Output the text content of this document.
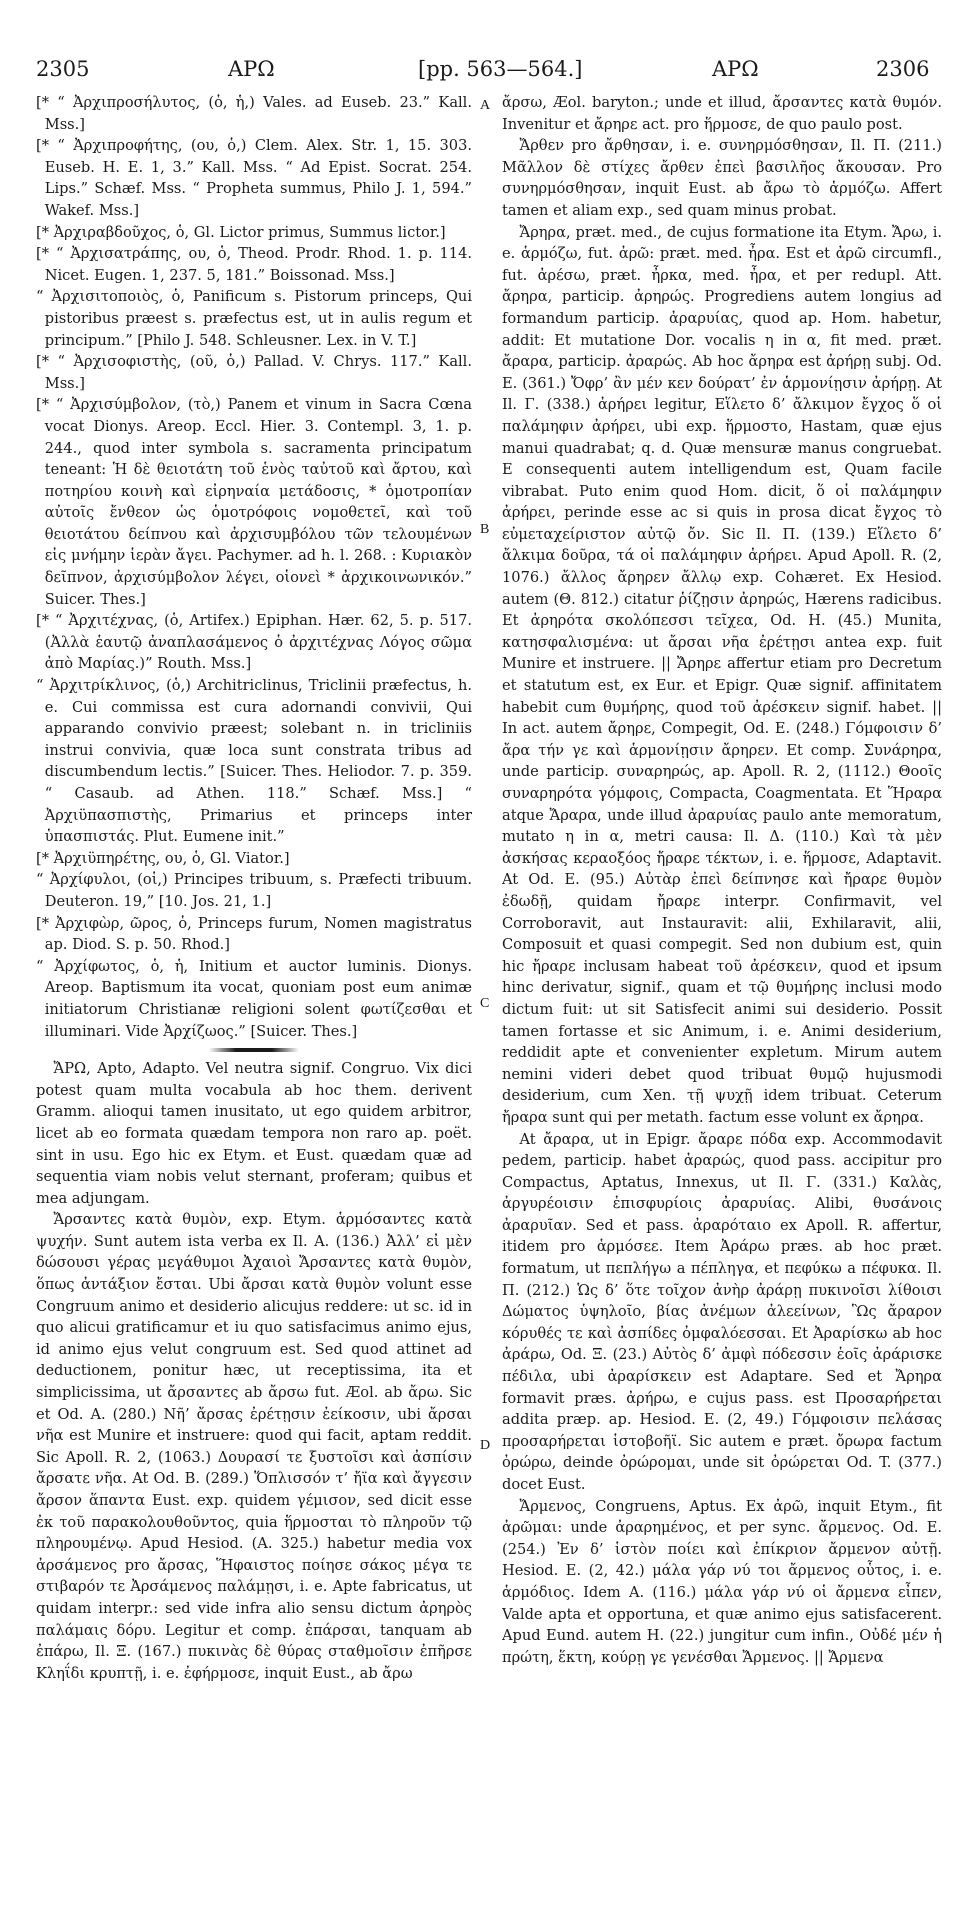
2305	ΑΡΩ	[pp. 563—564.]	ΑΡΩ	2306

[* “ Ἀρχιπροσήλυτος, (ὁ, ἡ,) Vales. ad Euseb. 23.” Kall. Mss.]

[* “ Ἀρχιπροφήτης, (ου, ὁ,) Clem. Alex. Str. 1, 15. 303. Euseb. H. E. 1, 3.” Kall. Mss. “ Ad Epist. Socrat. 254. Lips.” Schæf. Mss. “ Propheta summus, Philo J. 1, 594.” Wakef. Mss.]

[* Ἀρχιραβδοῦχος, ὁ, Gl. Lictor primus, Summus lictor.]

[* “ Ἀρχισατράπης, ου, ὁ, Theod. Prodr. Rhod. 1. p. 114. Nicet. Eugen. 1, 237. 5, 181.” Boissonad. Mss.]

“ Ἀρχισιτοποιὸς, ὁ, Panificum s. Pistorum princeps, Qui pistoribus præest s. præfectus est, ut in aulis regum et principum.” [Philo J. 548. Schleusner. Lex. in V. T.]

[* “ Ἀρχισοφιστὴς, (οῦ, ὁ,) Pallad. V. Chrys. 117.” Kall. Mss.]

[* “ Ἀρχισύμβολον, (τὸ,) Panem et vinum in Sacra Cœna vocat Dionys. Areop. Eccl. Hier. 3. Contempl. 3, 1. p. 244., quod inter symbola s. sacramenta principatum teneant: Ἡ δὲ θειοτάτη τοῦ ἑνὸς ταὐτοῦ καὶ ἄρτου, καὶ ποτηρίου κοινὴ καὶ εἰρηναία μετάδοσις, * ὁμοτροπίαν αὐτοῖς ἔνθεον ὡς ὁμοτρόφοις νομοθετεῖ, καὶ τοῦ θειοτάτου δείπνου καὶ ἀρχισυμβόλου τῶν τελουμένων εἰς μνήμην ἱερὰν ἄγει. Pachymer. ad h. l. 268. : Κυριακὸν δεῖπνον, ἀρχισύμβολον λέγει, οἱονεὶ * ἀρχικοινωνικόν.” Suicer. Thes.]

[* “ Ἀρχιτέχνας, (ὁ, Artifex.) Epiphan. Hær. 62, 5. p. 517. (Ἀλλὰ ἑαυτῷ ἀναπλασάμενος ὁ ἀρχιτέχνας Λόγος σῶμα ἀπὸ Μαρίας.)” Routh. Mss.]

“ Ἀρχιτρίκλινος, (ὁ,) Architriclinus, Triclinii præfectus, h. e. Cui commissa est cura adornandi convivii, Qui apparando convivio præest; solebant n. in tricliniis instrui convivia, quæ loca sunt constrata tribus ad discumbendum lectis.” [Suicer. Thes. Heliodor. 7. p. 359. “ Casaub. ad Athen. 118.” Schæf. Mss.] “ Ἀρχιϋπασπιστὴς, Primarius et princeps inter ὑπασπιστάς. Plut. Eumene init.”

[* Ἀρχιϋπηρέτης, ου, ὁ, Gl. Viator.]

“ Ἀρχίφυλοι, (οἱ,) Principes tribuum, s. Præfecti tribuum. Deuteron. 19,” [10. Jos. 21, 1.]

[* Ἀρχιφὼρ, ῶρος, ὁ, Princeps furum, Nomen magistratus ap. Diod. S. p. 50. Rhod.]

“ Ἀρχίφωτος, ὁ, ἡ, Initium et auctor luminis. Dionys. Areop. Baptismum ita vocat, quoniam post eum animæ initiatorum Christianæ religioni solent φωτίζεσθαι et illuminari. Vide Ἀρχίζωος.” [Suicer. Thes.]

ἌΡΩ, Apto, Adapto. Vel neutra signif. Congruo. Vix dici potest quam multa vocabula ab hoc them. derivent Gramm. alioqui tamen inusitato, ut ego quidem arbitror, licet ab eo formata quædam tempora non raro ap. poët. sint in usu. Ego hic ex Etym. et Eust. quædam quæ ad sequentia viam nobis velut sternant, proferam; quibus et mea adjungam.

Ἄρσαντες κατὰ θυμὸν, exp. Etym. ἁρμόσαντες κατὰ ψυχήν. Sunt autem ista verba ex Il. A. (136.) Ἀλλ’ εἰ μὲν δώσουσι γέρας μεγάθυμοι Ἀχαιοὶ Ἄρσαντες κατὰ θυμὸν, ὅπως ἀντάξιον ἔσται. Ubi ἄρσαι κατὰ θυμὸν volunt esse Congruum animo et desiderio alicujus reddere: ut sc. id in quo alicui gratificamur et iu quo satisfacimus animo ejus, id animo ejus velut congruum est. Sed quod attinet ad deductionem, ponitur hæc, ut receptissima, ita et simplicissima, ut ἄρσαντες ab ἄρσω fut. Æol. ab ἄρω. Sic et Od. A. (280.) Νῆ’ ἄρσας ἐρέτῃσιν ἐείκοσιν, ubi ἄρσαι νῆα est Munire et instruere: quod qui facit, aptam reddit. Sic Apoll. R. 2, (1063.) Δουρασί τε ξυστοῖσι καὶ ἀσπίσιν ἄρσατε νῆα. At Od. B. (289.) Ὅπλισσόν τ’ ἤϊα καὶ ἄγγεσιν ἄρσον ἅπαντα Eust. exp. quidem γέμισον, sed dicit esse ἐκ τοῦ παρακολουθοῦντος, quia ἥρμοσται τὸ πληροῦν τῷ πληρουμένῳ. Apud Hesiod. (A. 325.) habetur media vox ἀρσάμενος pro ἄρσας, Ἥφαιστος ποίησε σάκος μέγα τε στιβαρόν τε Ἀρσάμενος παλάμῃσι, i. e. Apte fabricatus, ut quidam interpr.: sed vide infra alio sensu dictum ἀρηρὸς παλάμαις δόρυ. Legitur et comp. ἐπάρσαι, tanquam ab ἐπάρω, Il. Ξ. (167.) πυκινὰς δὲ θύρας σταθμοῖσιν ἐπῆρσε Κληΐδι κρυπτῇ, i. e. ἐφήρμοσε, inquit Eust., ab ἄρω

ἄρσω, Æol. baryton.; unde et illud, ἄρσαντες κατὰ θυμόν. Invenitur et ἄρηρε act. pro ἥρμοσε, de quo paulo post.

Ἄρθεν pro ἄρθησαν, i. e. συνηρμόσθησαν, Il. Π. (211.) Μᾶλλον δὲ στίχες ἄρθεν ἐπεὶ βασιλῆος ἄκουσαν. Pro συνηρμόσθησαν, inquit Eust. ab ἄρω τὸ ἁρμόζω. Affert tamen et aliam exp., sed quam minus probat.

Ἄρηρα, præt. med., de cujus formatione ita Etym. Ἄρω, i. e. ἁρμόζω, fut. ἀρῶ: præt. med. ἦρα. Est et ἀρῶ circumfl., fut. ἀρέσω, præt. ἦρκα, med. ἦρα, et per redupl. Att. ἄρηρα, particip. ἀρηρώς. Progrediens autem longius ad formandum particip. ἀραρυίας, quod ap. Hom. habetur, addit: Et mutatione Dor. vocalis η in α, fit med. præt. ἄραρα, particip. ἀραρώς. Ab hoc ἄρηρα est ἀρήρῃ subj. Od. E. (361.) Ὄφρ’ ἂν μέν κεν δούρατ’ ἐν ἁρμονίῃσιν ἀρήρῃ. At Il. Γ. (338.) ἀρήρει legitur, Εἵλετο δ’ ἄλκιμον ἔγχος ὅ οἱ παλάμηφιν ἀρήρει, ubi exp. ἥρμοστο, Hastam, quæ ejus manui quadrabat; q. d. Quæ mensuræ manus congruebat. E consequenti autem intelligendum est, Quam facile vibrabat. Puto enim quod Hom. dicit, ὅ οἱ παλάμηφιν ἀρήρει, perinde esse ac si quis in prosa dicat ἔγχος τὸ εὐμεταχείριστον αὐτῷ ὄν. Sic Il. Π. (139.) Εἵλετο δ’ ἄλκιμα δοῦρα, τά οἱ παλάμηφιν ἀρήρει. Apud Apoll. R. (2, 1076.) ἄλλος ἄρηρεν ἄλλῳ exp. Cohæret. Ex Hesiod. autem (Θ. 812.) citatur ῥίζῃσιν ἀρηρώς, Hærens radicibus. Et ἀρηρότα σκολόπεσσι τεῖχεα, Od. H. (45.) Munita, κατησφαλισμένα: ut ἄρσαι νῆα ἐρέτῃσι antea exp. fuit Munire et instruere. || Ἄρηρε affertur etiam pro Decretum et statutum est, ex Eur. et Epigr. Quæ signif. affinitatem habebit cum θυμήρης, quod τοῦ ἀρέσκειν signif. habet. || In act. autem ἄρηρε, Compegit, Od. E. (248.) Γόμφοισιν δ’ ἄρα τήν γε καὶ ἁρμονίῃσιν ἄρηρεν. Et comp. Συνάρηρα, unde particip. συναρηρώς, ap. Apoll. R. 2, (1112.) Θοοῖς συναρηρότα γόμφοις, Compacta, Coagmentata. Et Ἥραρα atque Ἄραρα, unde illud ἀραρυίας paulo ante memoratum, mutato η in α, metri causa: Il. Δ. (110.) Καὶ τὰ μὲν ἀσκήσας κεραοξόος ἤραρε τέκτων, i. e. ἥρμοσε, Adaptavit. At Od. E. (95.) Αὐτὰρ ἐπεὶ δείπνησε καὶ ἤραρε θυμὸν ἐδωδῇ, quidam ἤραρε interpr. Confirmavit, vel Corroboravit, aut Instauravit: alii, Exhilaravit, alii, Composuit et quasi compegit. Sed non dubium est, quin hic ἤραρε inclusam habeat τοῦ ἀρέσκειν, quod et ipsum hinc derivatur, signif., quam et τῷ θυμήρης inclusi modo dictum fuit: ut sit Satisfecit animi sui desiderio. Possit tamen fortasse et sic Animum, i. e. Animi desiderium, reddidit apte et convenienter expletum. Mirum autem nemini videri debet quod tribuat θυμῷ hujusmodi desiderium, cum Xen. τῇ ψυχῇ idem tribuat. Ceterum ἤραρα sunt qui per metath. factum esse volunt ex ἄρηρα.

At ἄραρα, ut in Epigr. ἄραρε πόδα exp. Accommodavit pedem, particip. habet ἀραρώς, quod pass. accipitur pro Compactus, Aptatus, Innexus, ut Il. Γ. (331.) Καλὰς, ἀργυρέοισιν ἐπισφυρίοις ἀραρυίας. Alibi, θυσάνοις ἀραρυῖαν. Sed et pass. ἀραρόταιο ex Apoll. R. affertur, itidem pro ἁρμόσεε. Item Ἀράρω præs. ab hoc præt. formatum, ut πεπλήγω a πέπληγα, et πεφύκω a πέφυκα. Il. Π. (212.) Ὡς δ’ ὅτε τοῖχον ἀνὴρ ἀράρῃ πυκινοῖσι λίθοισι Δώματος ὑψηλοῖο, βίας ἀνέμων ἀλεείνων, Ὣς ἄραρον κόρυθές τε καὶ ἀσπίδες ὀμφαλόεσσαι. Et Ἀραρίσκω ab hoc ἀράρω, Od. Ξ. (23.) Αὐτὸς δ’ ἀμφὶ πόδεσσιν ἑοῖς ἀράρισκε πέδιλα, ubi ἀραρίσκειν est Adaptare. Sed et Ἄρηρα formavit præs. ἀρήρω, e cujus pass. est Προσαρήρεται addita præp. ap. Hesiod. E. (2, 49.) Γόμφοισιν πελάσας προσαρήρεται ἱστοβοῆϊ. Sic autem e præt. ὄρωρα factum ὀρώρω, deinde ὀρώρομαι, unde sit ὀρώρεται Od. T. (377.) docet Eust.

Ἄρμενος, Congruens, Aptus. Ex ἀρῶ, inquit Etym., fit ἀρῶμαι: unde ἀραρημένος, et per sync. ἄρμενος. Od. E. (254.) Ἐν δ’ ἱστὸν ποίει καὶ ἐπίκριον ἄρμενον αὐτῇ. Hesiod. E. (2, 42.) μάλα γάρ νύ τοι ἄρμενος οὗτος, i. e. ἁρμόδιος. Idem A. (116.) μάλα γάρ νύ οἱ ἄρμενα εἶπεν, Valde apta et opportuna, et quæ animo ejus satisfacerent. Apud Eund. autem H. (22.) jungitur cum infin., Οὐδέ μέν ἡ πρώτη, ἕκτη, κούρῃ γε γενέσθαι Ἄρμενος. || Ἄρμενα

A
B
C
D
